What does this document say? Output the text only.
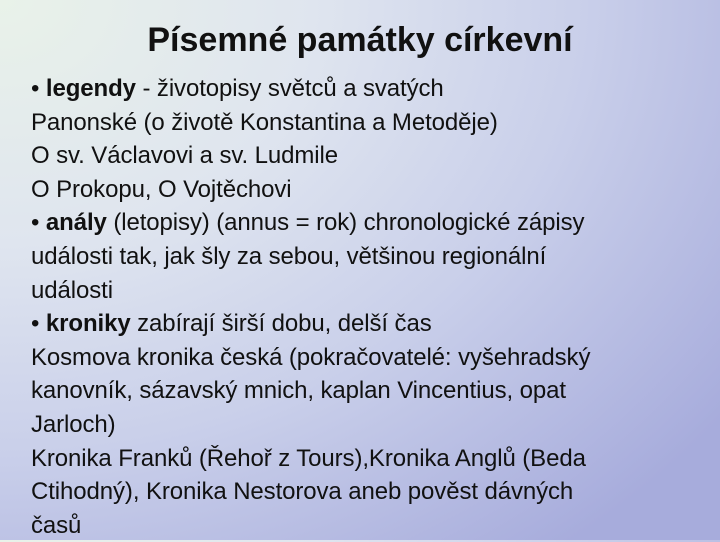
Písemné památky církevní
• legendy - životopisy světců a svatých
Panonské (o životě Konstantina a Metoděje)
O sv. Václavovi a sv. Ludmile
O Prokopu, O Vojtěchovi
• anály (letopisy) (annus = rok) chronologické zápisy
události tak, jak šly za sebou, většinou regionální
události
• kroniky zabírají širší dobu, delší čas
Kosmova kronika česká (pokračovatelé: vyšehradský
kanovník, sázavský mnich, kaplan Vincentius, opat
Jarloch)
Kronika Franků (Řehoř z Tours),Kronika Anglů (Beda
Ctihodný), Kronika Nestorova aneb pověst dávných
časů
